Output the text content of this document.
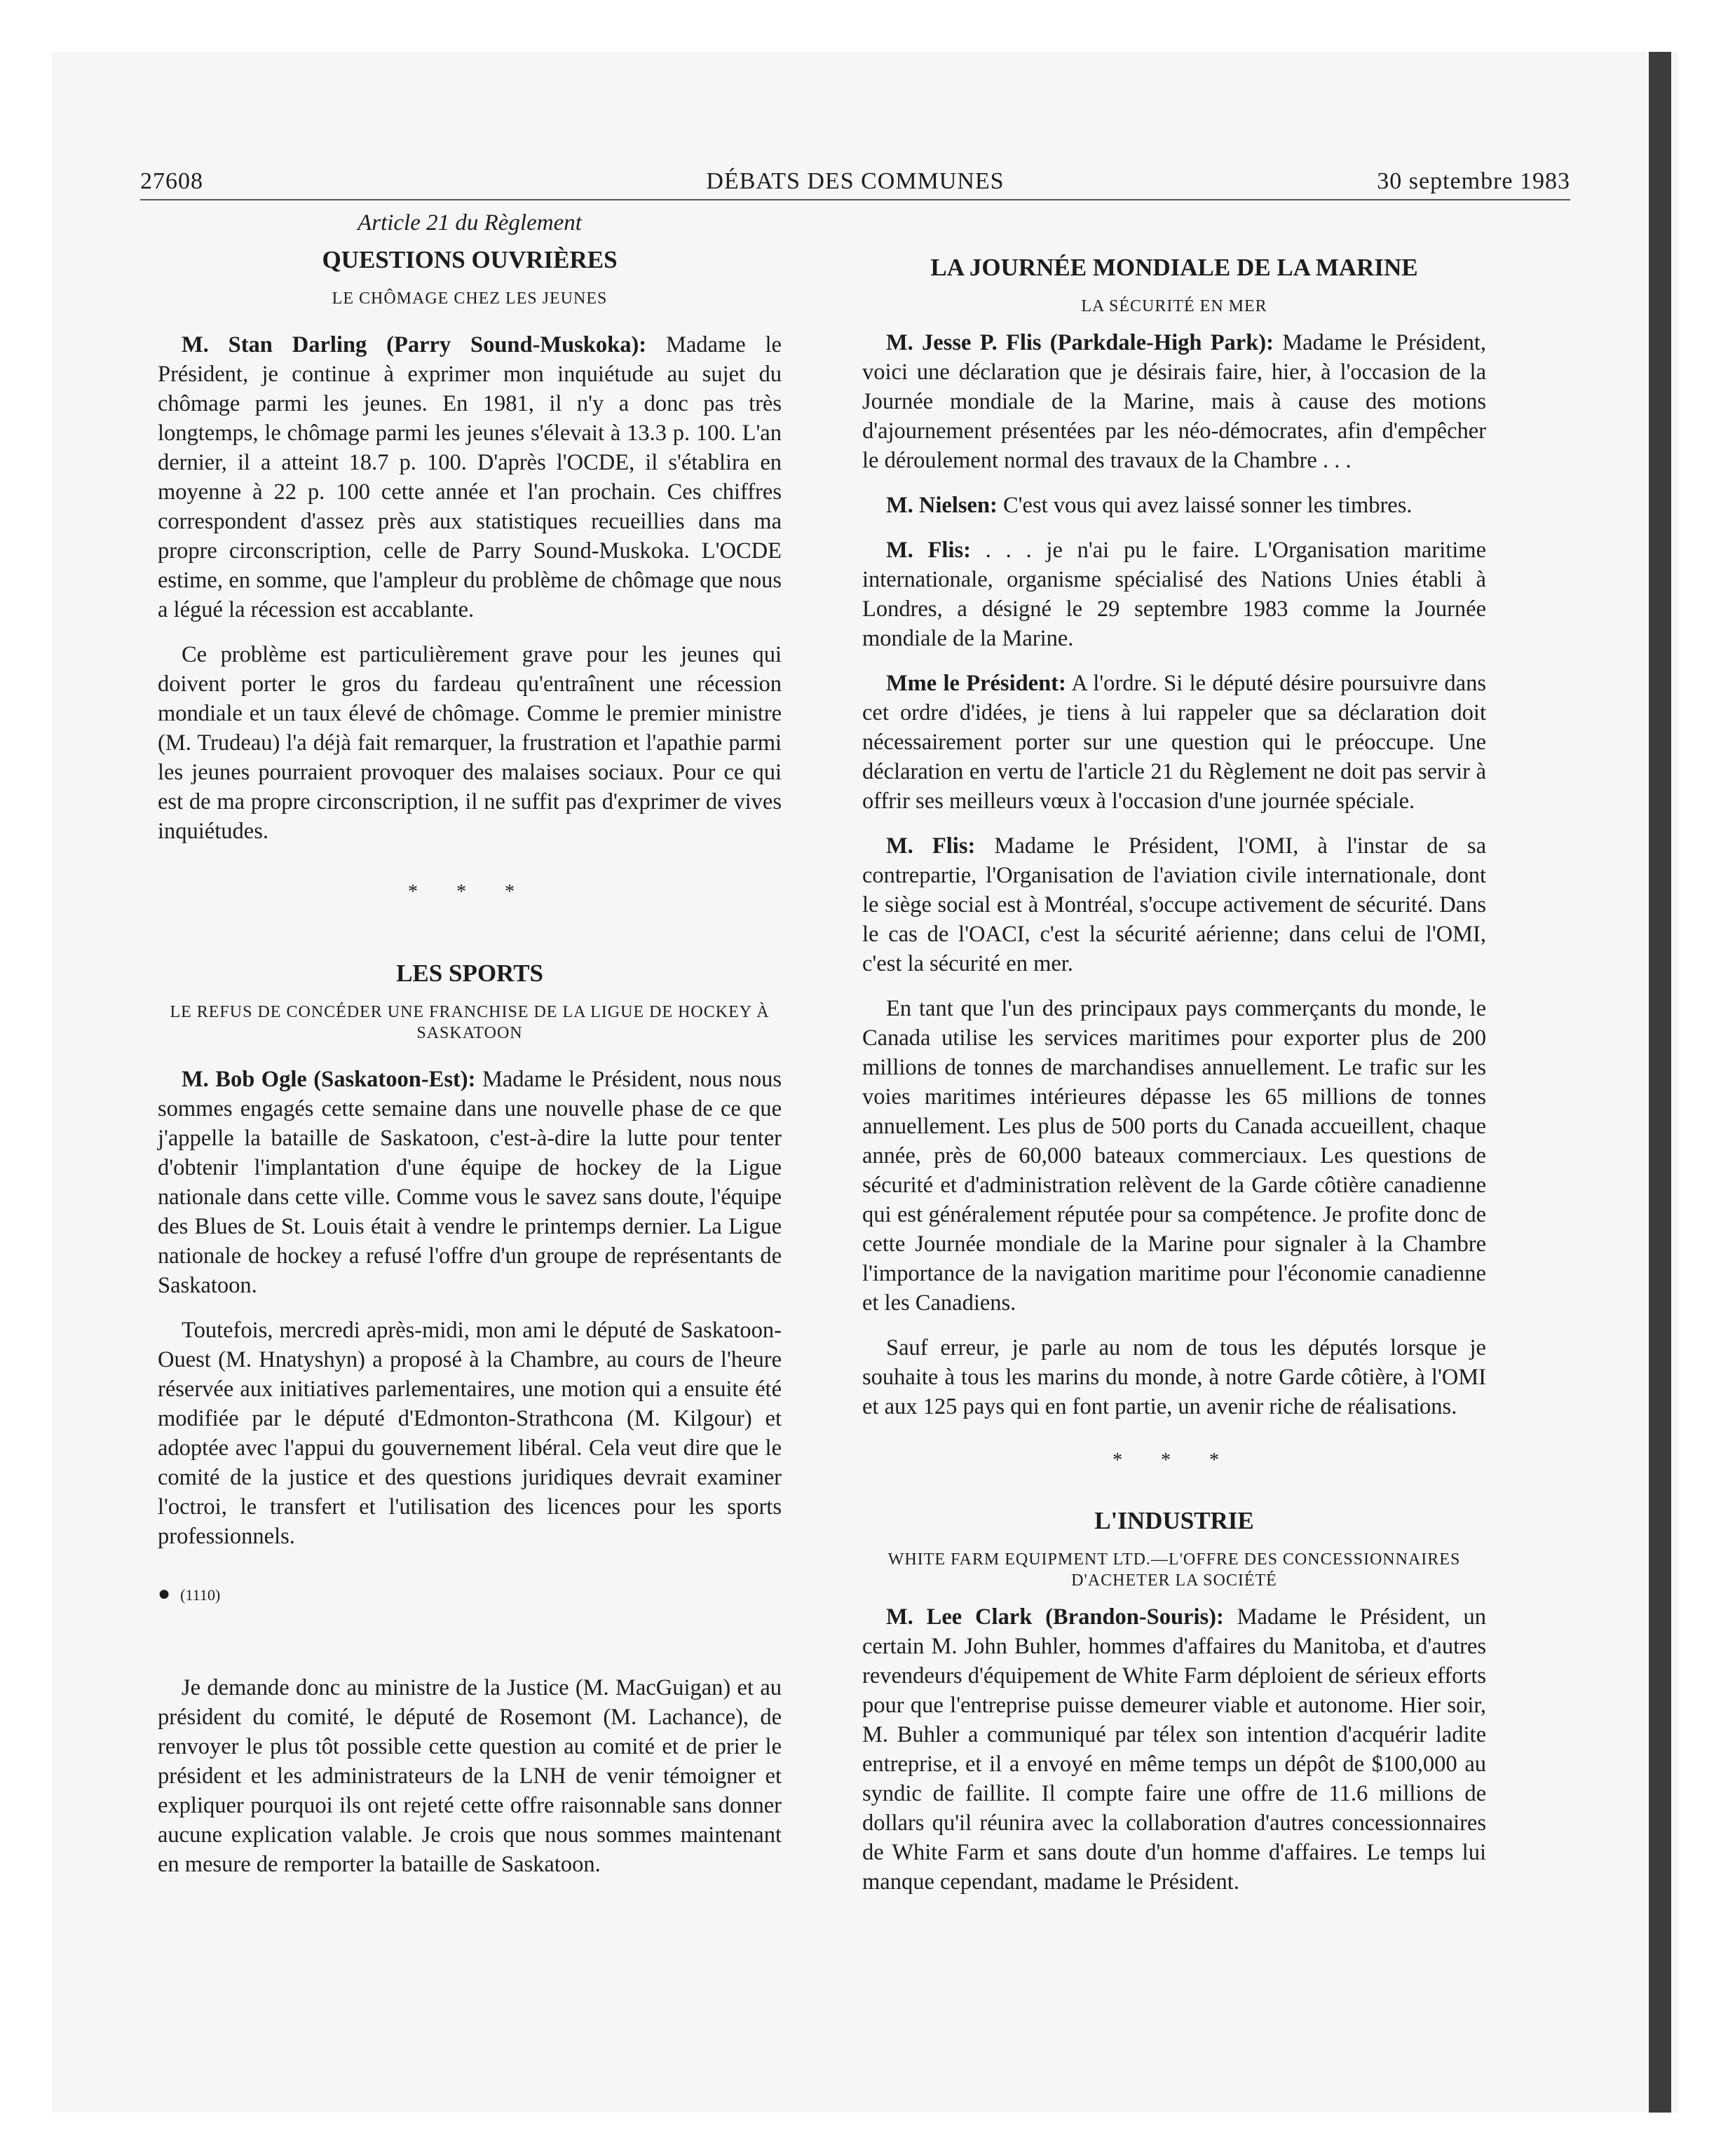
27608	DÉBATS DES COMMUNES	30 septembre 1983
Article 21 du Règlement
QUESTIONS OUVRIÈRES
LE CHÔMAGE CHEZ LES JEUNES

M. Stan Darling (Parry Sound-Muskoka): Madame le Président, je continue à exprimer mon inquiétude au sujet du chômage parmi les jeunes. En 1981, il n'y a donc pas très longtemps, le chômage parmi les jeunes s'élevait à 13.3 p. 100. L'an dernier, il a atteint 18.7 p. 100. D'après l'OCDE, il s'établira en moyenne à 22 p. 100 cette année et l'an prochain. Ces chiffres correspondent d'assez près aux statistiques recueillies dans ma propre circonscription, celle de Parry Sound-Muskoka. L'OCDE estime, en somme, que l'ampleur du problème de chômage que nous a légué la récession est accablante.

Ce problème est particulièrement grave pour les jeunes qui doivent porter le gros du fardeau qu'entraînent une récession mondiale et un taux élevé de chômage. Comme le premier ministre (M. Trudeau) l'a déjà fait remarquer, la frustration et l'apathie parmi les jeunes pourraient provoquer des malaises sociaux. Pour ce qui est de ma propre circonscription, il ne suffit pas d'exprimer de vives inquiétudes.

* * *
LES SPORTS
LE REFUS DE CONCÉDER UNE FRANCHISE DE LA LIGUE DE HOCKEY À SASKATOON

M. Bob Ogle (Saskatoon-Est): Madame le Président, nous nous sommes engagés cette semaine dans une nouvelle phase de ce que j'appelle la bataille de Saskatoon, c'est-à-dire la lutte pour tenter d'obtenir l'implantation d'une équipe de hockey de la Ligue nationale dans cette ville. Comme vous le savez sans doute, l'équipe des Blues de St. Louis était à vendre le printemps dernier. La Ligue nationale de hockey a refusé l'offre d'un groupe de représentants de Saskatoon.

Toutefois, mercredi après-midi, mon ami le député de Saskatoon-Ouest (M. Hnatyshyn) a proposé à la Chambre, au cours de l'heure réservée aux initiatives parlementaires, une motion qui a ensuite été modifiée par le député d'Edmonton-Strathcona (M. Kilgour) et adoptée avec l'appui du gouvernement libéral. Cela veut dire que le comité de la justice et des questions juridiques devrait examiner l'octroi, le transfert et l'utilisation des licences pour les sports professionnels.

● (1110)

Je demande donc au ministre de la Justice (M. MacGuigan) et au président du comité, le député de Rosemont (M. Lachance), de renvoyer le plus tôt possible cette question au comité et de prier le président et les administrateurs de la LNH de venir témoigner et expliquer pourquoi ils ont rejeté cette offre raisonnable sans donner aucune explication valable. Je crois que nous sommes maintenant en mesure de remporter la bataille de Saskatoon.

LA JOURNÉE MONDIALE DE LA MARINE
LA SÉCURITÉ EN MER

M. Jesse P. Flis (Parkdale-High Park): Madame le Président, voici une déclaration que je désirais faire, hier, à l'occasion de la Journée mondiale de la Marine, mais à cause des motions d'ajournement présentées par les néo-démocrates, afin d'empêcher le déroulement normal des travaux de la Chambre . . .

M. Nielsen: C'est vous qui avez laissé sonner les timbres.

M. Flis: . . . je n'ai pu le faire. L'Organisation maritime internationale, organisme spécialisé des Nations Unies établi à Londres, a désigné le 29 septembre 1983 comme la Journée mondiale de la Marine.

Mme le Président: A l'ordre. Si le député désire poursuivre dans cet ordre d'idées, je tiens à lui rappeler que sa déclaration doit nécessairement porter sur une question qui le préoccupe. Une déclaration en vertu de l'article 21 du Règlement ne doit pas servir à offrir ses meilleurs vœux à l'occasion d'une journée spéciale.

M. Flis: Madame le Président, l'OMI, à l'instar de sa contrepartie, l'Organisation de l'aviation civile internationale, dont le siège social est à Montréal, s'occupe activement de sécurité. Dans le cas de l'OACI, c'est la sécurité aérienne; dans celui de l'OMI, c'est la sécurité en mer.

En tant que l'un des principaux pays commerçants du monde, le Canada utilise les services maritimes pour exporter plus de 200 millions de tonnes de marchandises annuellement. Le trafic sur les voies maritimes intérieures dépasse les 65 millions de tonnes annuellement. Les plus de 500 ports du Canada accueillent, chaque année, près de 60,000 bateaux commerciaux. Les questions de sécurité et d'administration relèvent de la Garde côtière canadienne qui est généralement réputée pour sa compétence. Je profite donc de cette Journée mondiale de la Marine pour signaler à la Chambre l'importance de la navigation maritime pour l'économie canadienne et les Canadiens.

Sauf erreur, je parle au nom de tous les députés lorsque je souhaite à tous les marins du monde, à notre Garde côtière, à l'OMI et aux 125 pays qui en font partie, un avenir riche de réalisations.

* * *
L'INDUSTRIE
WHITE FARM EQUIPMENT LTD.—L'OFFRE DES CONCESSIONNAIRES D'ACHETER LA SOCIÉTÉ

M. Lee Clark (Brandon-Souris): Madame le Président, un certain M. John Buhler, hommes d'affaires du Manitoba, et d'autres revendeurs d'équipement de White Farm déploient de sérieux efforts pour que l'entreprise puisse demeurer viable et autonome. Hier soir, M. Buhler a communiqué par télex son intention d'acquérir ladite entreprise, et il a envoyé en même temps un dépôt de $100,000 au syndic de faillite. Il compte faire une offre de 11.6 millions de dollars qu'il réunira avec la collaboration d'autres concessionnaires de White Farm et sans doute d'un homme d'affaires. Le temps lui manque cependant, madame le Président.
